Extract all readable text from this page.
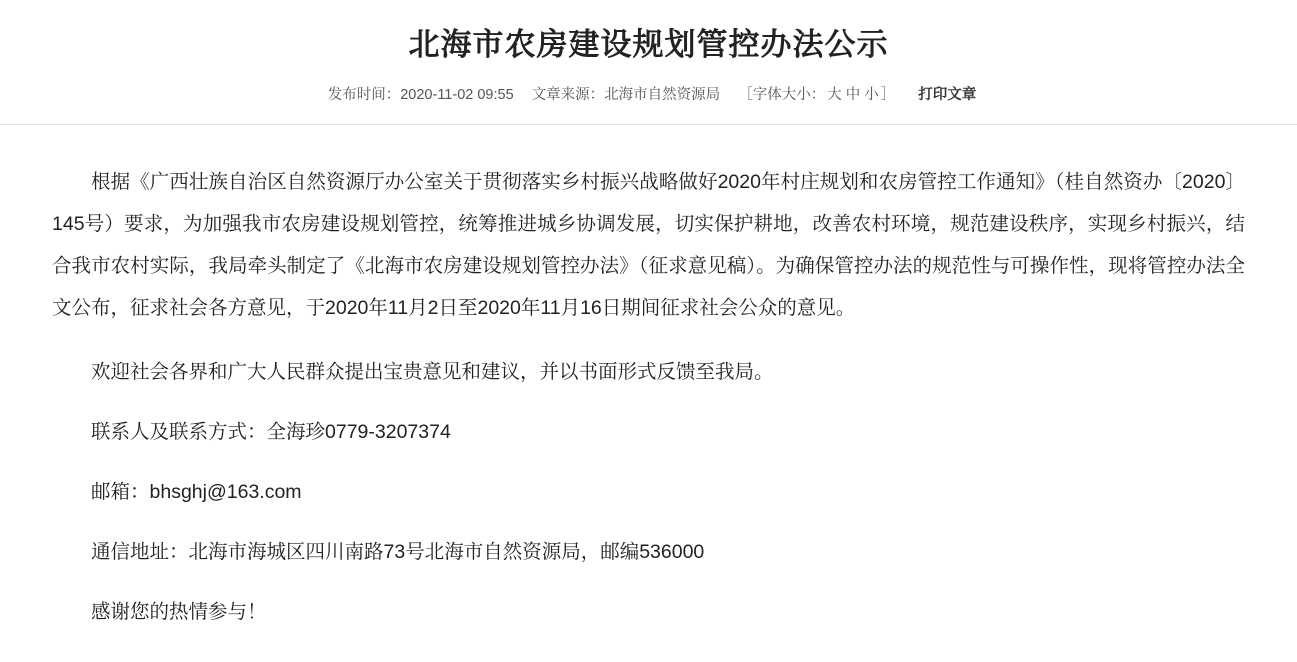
北海市农房建设规划管控办法公示
发布时间：2020-11-02 09:55 文章来源：北海市自然资源局 ［字体大小： 大 中 小 ］ 打印文章

根据《广西壮族自治区自然资源厅办公室关于贯彻落实乡村振兴战略做好2020年村庄规划和农房管控工作通知》（桂自然资办〔2020〕145号）要求，为加强我市农房建设规划管控，统筹推进城乡协调发展，切实保护耕地，改善农村环境，规范建设秩序，实现乡村振兴，结合我市农村实际，我局牵头制定了《北海市农房建设规划管控办法》（征求意见稿）。为确保管控办法的规范性与可操作性，现将管控办法全文公布，征求社会各方意见，于2020年11月2日至2020年11月16日期间征求社会公众的意见。

欢迎社会各界和广大人民群众提出宝贵意见和建议，并以书面形式反馈至我局。

联系人及联系方式：全海珍0779-3207374

邮箱：bhsghj@163.com

通信地址：北海市海城区四川南路73号北海市自然资源局，邮编536000

感谢您的热情参与！
